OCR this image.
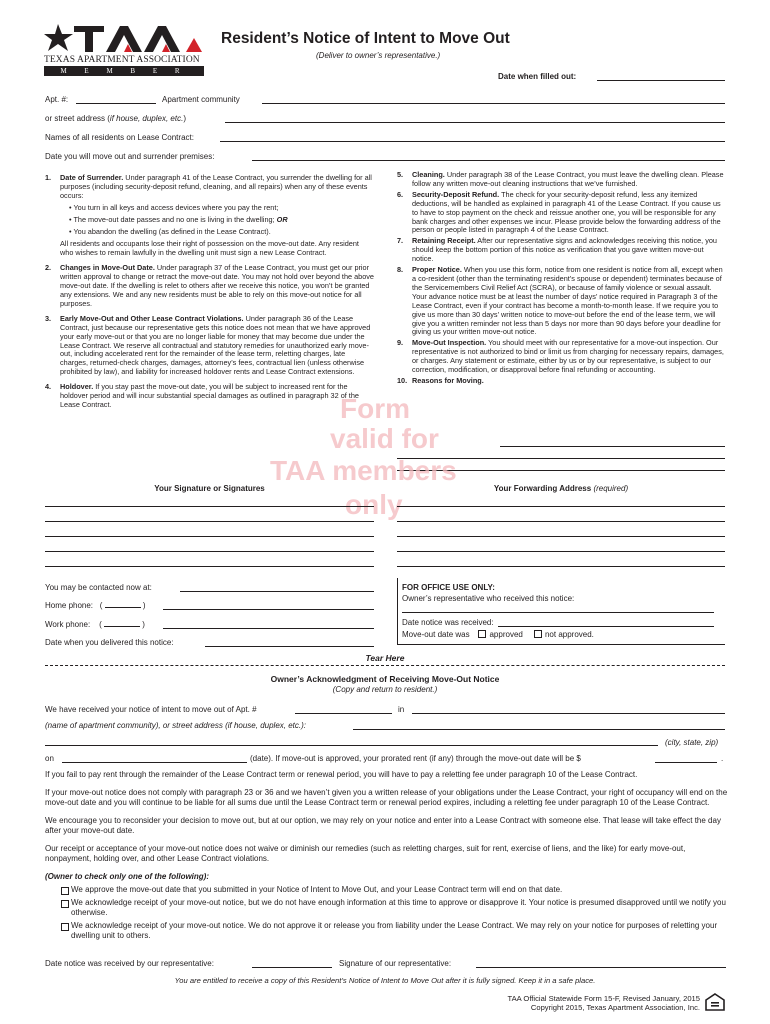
TEXAS APARTMENT ASSOCIATION
M E M B E R
Resident’s Notice of Intent to Move Out
(Deliver to owner’s representative.)
Date when filled out:
Apt. #:	Apartment community
or street address (if house, duplex, etc.)
Names of all residents on Lease Contract:
Date you will move out and surrender premises:
1. Date of Surrender. Under paragraph 41 of the Lease Contract, you surrender the dwelling for all purposes (including security-deposit refund, cleaning, and all repairs) when any of these events occurs:
• You turn in all keys and access devices where you pay the rent;
• The move-out date passes and no one is living in the dwelling; OR
• You abandon the dwelling (as defined in the Lease Contract).
All residents and occupants lose their right of possession on the move-out date. Any resident who wishes to remain lawfully in the dwelling unit must sign a new Lease Contract.
2. Changes in Move-Out Date. Under paragraph 37 of the Lease Contract, you must get our prior written approval to change or retract the move-out date. You may not hold over beyond the above move-out date. If the dwelling is relet to others after we receive this notice, you won’t be granted any extensions. We and any new residents must be able to rely on this move-out notice for all purposes.
3. Early Move-Out and Other Lease Contract Violations. Under paragraph 36 of the Lease Contract, just because our representative gets this notice does not mean that we have approved your early move-out or that you are no longer liable for money that may become due under the Lease Contract. We reserve all contractual and statutory remedies for unauthorized early move-out, including accelerated rent for the remainder of the lease term, reletting charges, late charges, returned-check charges, damages, attorney’s fees, contractual lien (unless otherwise prohibited by law), and liability for increased holdover rents and Lease Contract extensions.
4. Holdover. If you stay past the move-out date, you will be subject to increased rent for the holdover period and will incur substantial special damages as outlined in paragraph 32 of the Lease Contract.
5. Cleaning. Under paragraph 38 of the Lease Contract, you must leave the dwelling clean. Please follow any written move-out cleaning instructions that we’ve furnished.
6. Security-Deposit Refund. The check for your security-deposit refund, less any itemized deductions, will be handled as explained in paragraph 41 of the Lease Contract. If you cause us to have to stop payment on the check and reissue another one, you will be responsible for any bank charges and other expenses we incur. Please provide below the forwarding address of the person or people listed in paragraph 4 of the Lease Contract.
7. Retaining Receipt. After our representative signs and acknowledges receiving this notice, you should keep the bottom portion of this notice as verification that you gave written move-out notice.
8. Proper Notice. When you use this form, notice from one resident is notice from all, except when a co-resident (other than the terminating resident’s spouse or dependent) terminates because of the Servicemembers Civil Relief Act (SCRA), or because of family violence or sexual assault. Your advance notice must be at least the number of days’ notice required in Paragraph 3 of the Lease Contract, even if your contract has become a month-to-month lease. If we require you to give us more than 30 days’ written notice to move-out before the end of the lease term, we will give you a written reminder not less than 5 days nor more than 90 days before your deadline for giving us your written move-out notice.
9. Move-Out Inspection. You should meet with our representative for a move-out inspection. Our representative is not authorized to bind or limit us from charging for necessary repairs, damages, or charges. Any statement or estimate, either by us or by our representative, is subject to our correction, modification, or disapproval before final refunding or accounting.
10. Reasons for Moving.
Form
valid for
TAA members
only
Your Signature or Signatures	Your Forwarding Address (required)
You may be contacted now at:
Home phone:   (	)
Work phone:    (	)
Date when you delivered this notice:
FOR OFFICE USE ONLY:
Owner’s representative who received this notice:
Date notice was received:
Move-out date was approved	not approved.
Tear Here
Owner’s Acknowledgment of Receiving Move-Out Notice
(Copy and return to resident.)
We have received your notice of intent to move out of Apt. #	in
(name of apartment community), or street address (if house, duplex, etc.):
(city, state, zip)
on	(date). If move-out is approved, your prorated rent (if any) through the move-out date will be $	.

If you fail to pay rent through the remainder of the Lease Contract term or renewal period, you will have to pay a reletting fee under paragraph 10 of the Lease Contract.

If your move-out notice does not comply with paragraph 23 or 36 and we haven’t given you a written release of your obligations under the Lease Contract, your right of occupancy will end on the move-out date and you will continue to be liable for all sums due until the Lease Contract term or renewal period expires, including a reletting fee under paragraph 10 of the Lease Contract.

We encourage you to reconsider your decision to move out, but at our option, we may rely on your notice and enter into a Lease Contract with someone else. That lease will take effect the day after your move-out date.

Our receipt or acceptance of your move-out notice does not waive or diminish our remedies (such as reletting charges, suit for rent, exercise of liens, and the like) for early move-out, nonpayment, holding over, and other Lease Contract violations.

(Owner to check only one of the following):

We approve the move-out date that you submitted in your Notice of Intent to Move Out, and your Lease Contract term will end on that date.
We acknowledge receipt of your move-out notice, but we do not have enough information at this time to approve or disapprove it. Your notice is presumed disapproved until we notify you otherwise.
We acknowledge receipt of your move-out notice. We do not approve it or release you from liability under the Lease Contract. We may rely on your notice for purposes of reletting your dwelling unit to others.
Date notice was received by our representative:	Signature of our representative:
You are entitled to receive a copy of this Resident’s Notice of Intent to Move Out after it is fully signed. Keep it in a safe place.
TAA Official Statewide Form 15-F, Revised January, 2015
Copyright 2015, Texas Apartment Association, Inc.
